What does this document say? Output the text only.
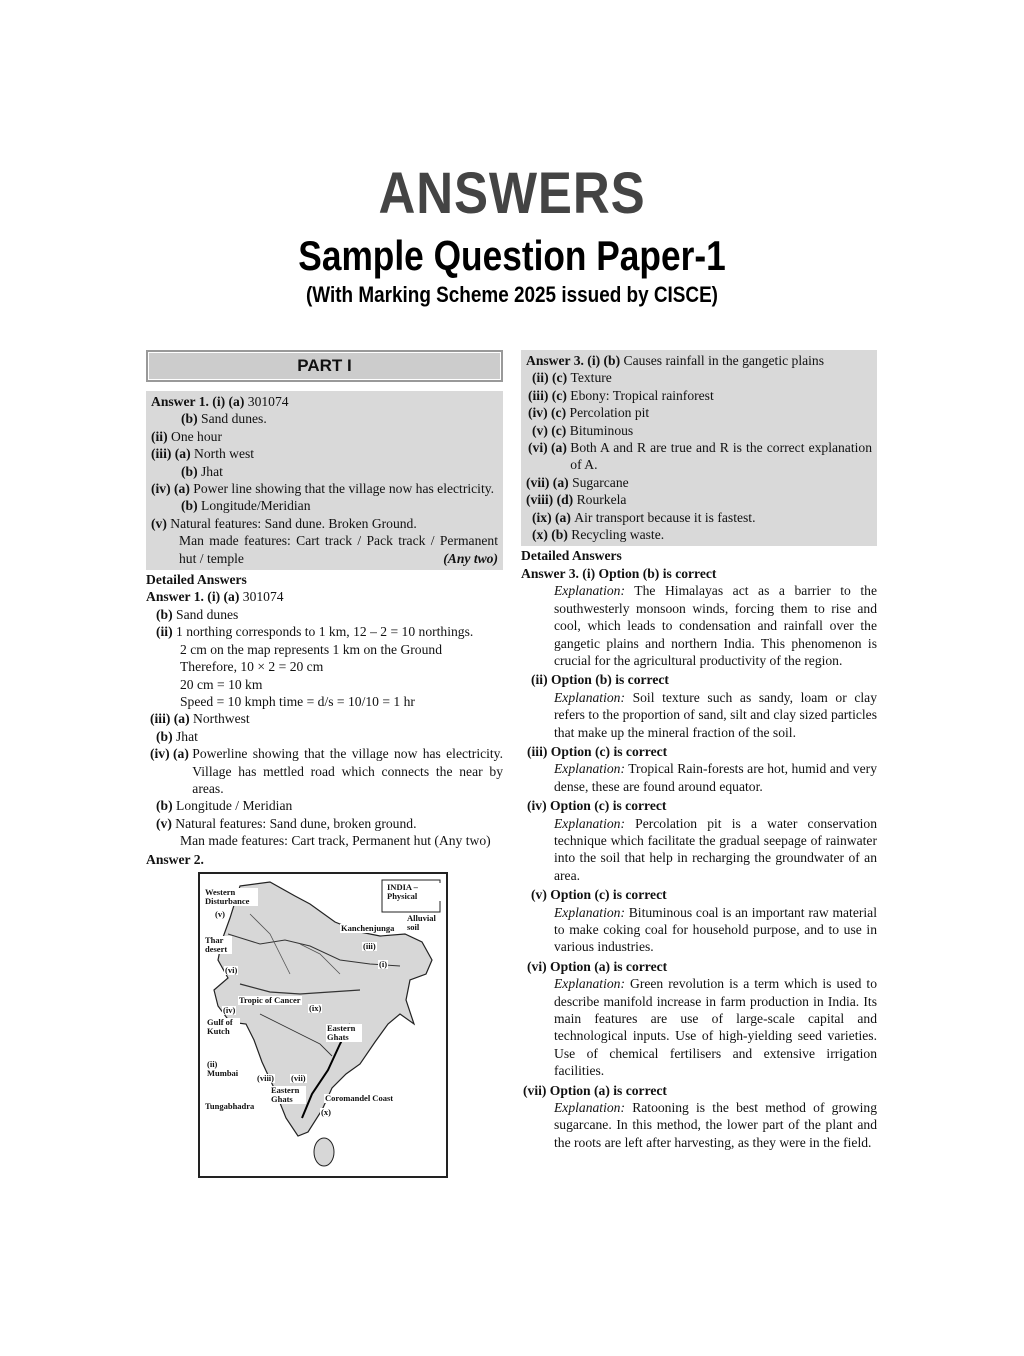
ANSWERS
Sample Question Paper-1
(With Marking Scheme 2025 issued by CISCE)
PART I
Answer 1. (i) (a) 301074
(b) Sand dunes.
(ii) One hour
(iii) (a) North west
(b) Jhat
(iv) (a) Power line showing that the village now has electricity.
(b) Longitude/Meridian
(v) Natural features: Sand dune. Broken Ground.
Man made features: Cart track / Pack track / Permanent hut / temple	(Any two)
Detailed Answers
Answer 1. (i) (a) 301074
(b) Sand dunes
(ii) 1 northing corresponds to 1 km, 12 – 2 = 10 northings.
2 cm on the map represents 1 km on the Ground
Therefore, 10 × 2 = 20 cm
20 cm = 10 km
Speed = 10 kmph time = d/s = 10/10 = 1 hr
(iii) (a) Northwest
(b) Jhat
(iv) (a) Powerline showing that the village now has electricity. Village has mettled road which connects the near by areas.
(b) Longitude / Meridian
(v) Natural features: Sand dune, broken ground.
Man made features: Cart track, Permanent hut (Any two)
Answer 2.
INDIA – Physical
Western Disturbance
(v)
Thar desert
(vi)
(iv)
Gulf of Kutch
Tropic of Cancer
(ix)
Kanchenjunga
(iii)
Alluvial soil
(i)
Eastern Ghats
(ii) Mumbai	(viii) (vii)
Eastern Ghats
Tungabhadra
Coromandel Coast
(x)
Answer 3. (i) (b) Causes rainfall in the gangetic plains
(ii) (c) Texture
(iii) (c) Ebony: Tropical rainforest
(iv) (c) Percolation pit
(v) (c) Bituminous
(vi) (a) Both A and R are true and R is the correct explanation of A.
(vii) (a) Sugarcane
(viii) (d) Rourkela
(ix) (a) Air transport because it is fastest.
(x) (b) Recycling waste.
Detailed Answers
Answer 3. (i) Option (b) is correct
Explanation: The Himalayas act as a barrier to the southwesterly monsoon winds, forcing them to rise and cool, which leads to condensation and rainfall over the gangetic plains and northern India. This phenomenon is crucial for the agricultural productivity of the region.
(ii) Option (b) is correct
Explanation: Soil texture such as sandy, loam or clay refers to the proportion of sand, silt and clay sized particles that make up the mineral fraction of the soil.
(iii) Option (c) is correct
Explanation: Tropical Rain-forests are hot, humid and very dense, these are found around equator.
(iv) Option (c) is correct
Explanation: Percolation pit is a water conservation technique which facilitate the gradual seepage of rainwater into the soil that help in recharging the groundwater of an area.
(v) Option (c) is correct
Explanation: Bituminous coal is an important raw material to make coking coal for household purpose, and to use in various industries.
(vi) Option (a) is correct
Explanation: Green revolution is a term which is used to describe manifold increase in farm production in India. Its main features are use of large-scale capital and technological inputs. Use of high-yielding seed varieties. Use of chemical fertilisers and extensive irrigation facilities.
(vii) Option (a) is correct
Explanation: Ratooning is the best method of growing sugarcane. In this method, the lower part of the plant and the roots are left after harvesting, as they were in the field.
